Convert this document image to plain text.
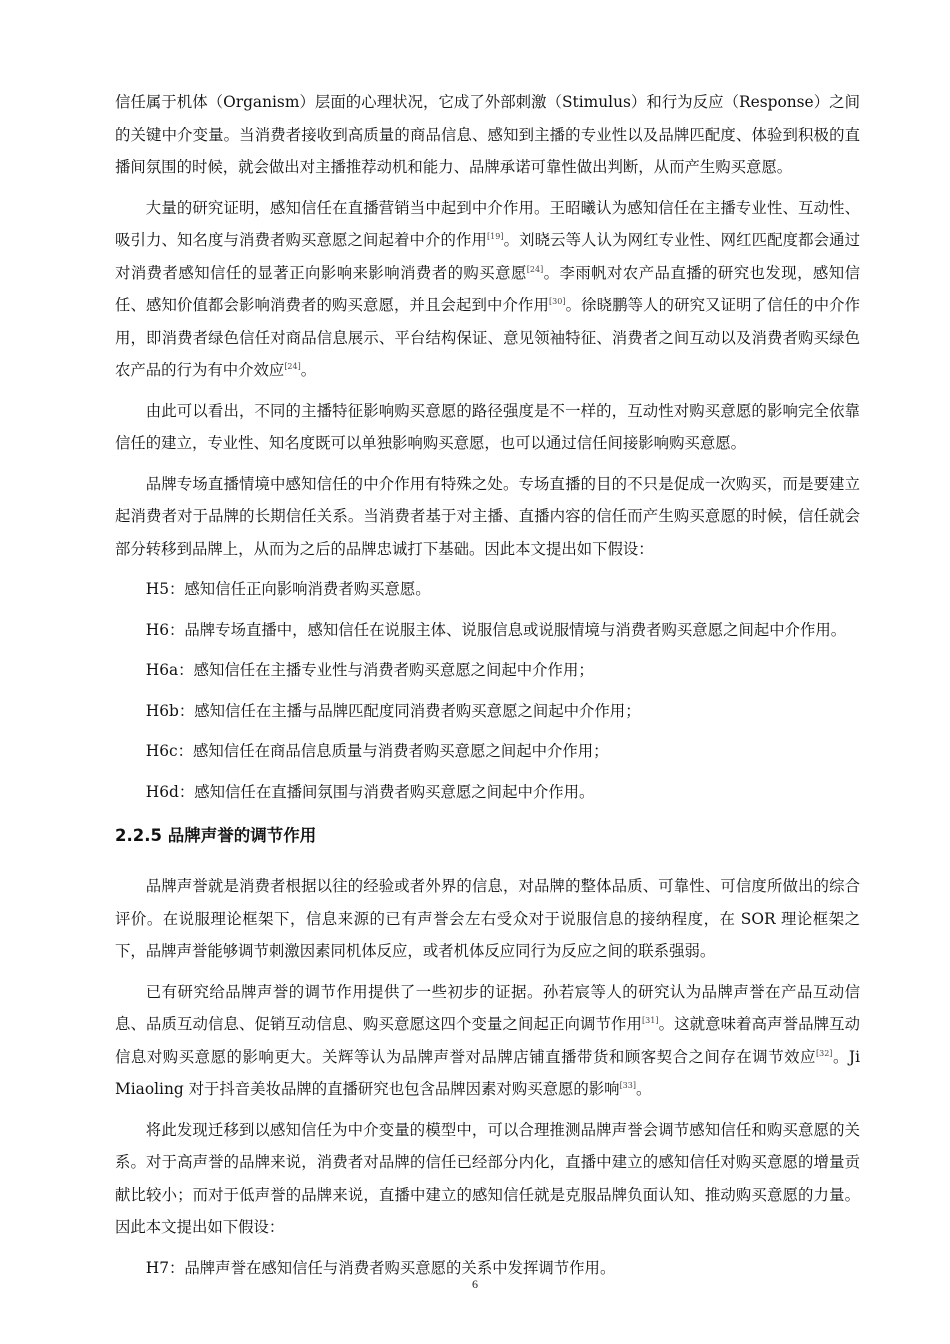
信任属于机体（Organism）层面的心理状况，它成了外部刺激（Stimulus）和行为反应（Response）之间的关键中介变量。当消费者接收到高质量的商品信息、感知到主播的专业性以及品牌匹配度、体验到积极的直播间氛围的时候，就会做出对主播推荐动机和能力、品牌承诺可靠性做出判断，从而产生购买意愿。

大量的研究证明，感知信任在直播营销当中起到中介作用。王昭曦认为感知信任在主播专业性、互动性、吸引力、知名度与消费者购买意愿之间起着中介的作用[19]。刘晓云等人认为网红专业性、网红匹配度都会通过对消费者感知信任的显著正向影响来影响消费者的购买意愿[24]。李雨帆对农产品直播的研究也发现，感知信任、感知价值都会影响消费者的购买意愿，并且会起到中介作用[30]。徐晓鹏等人的研究又证明了信任的中介作用，即消费者绿色信任对商品信息展示、平台结构保证、意见领袖特征、消费者之间互动以及消费者购买绿色农产品的行为有中介效应[24]。

由此可以看出，不同的主播特征影响购买意愿的路径强度是不一样的，互动性对购买意愿的影响完全依靠信任的建立，专业性、知名度既可以单独影响购买意愿，也可以通过信任间接影响购买意愿。

品牌专场直播情境中感知信任的中介作用有特殊之处。专场直播的目的不只是促成一次购买，而是要建立起消费者对于品牌的长期信任关系。当消费者基于对主播、直播内容的信任而产生购买意愿的时候，信任就会部分转移到品牌上，从而为之后的品牌忠诚打下基础。因此本文提出如下假设：

H5：感知信任正向影响消费者购买意愿。

H6：品牌专场直播中，感知信任在说服主体、说服信息或说服情境与消费者购买意愿之间起中介作用。

H6a：感知信任在主播专业性与消费者购买意愿之间起中介作用；

H6b：感知信任在主播与品牌匹配度同消费者购买意愿之间起中介作用；

H6c：感知信任在商品信息质量与消费者购买意愿之间起中介作用；

H6d：感知信任在直播间氛围与消费者购买意愿之间起中介作用。

2.2.5 品牌声誉的调节作用

品牌声誉就是消费者根据以往的经验或者外界的信息，对品牌的整体品质、可靠性、可信度所做出的综合评价。在说服理论框架下，信息来源的已有声誉会左右受众对于说服信息的接纳程度，在 SOR 理论框架之下，品牌声誉能够调节刺激因素同机体反应，或者机体反应同行为反应之间的联系强弱。

已有研究给品牌声誉的调节作用提供了一些初步的证据。孙若宸等人的研究认为品牌声誉在产品互动信息、品质互动信息、促销互动信息、购买意愿这四个变量之间起正向调节作用[31]。这就意味着高声誉品牌互动信息对购买意愿的影响更大。关辉等认为品牌声誉对品牌店铺直播带货和顾客契合之间存在调节效应[32]。Ji Miaoling 对于抖音美妆品牌的直播研究也包含品牌因素对购买意愿的影响[33]。

将此发现迁移到以感知信任为中介变量的模型中，可以合理推测品牌声誉会调节感知信任和购买意愿的关系。对于高声誉的品牌来说，消费者对品牌的信任已经部分内化，直播中建立的感知信任对购买意愿的增量贡献比较小；而对于低声誉的品牌来说，直播中建立的感知信任就是克服品牌负面认知、推动购买意愿的力量。因此本文提出如下假设：

H7：品牌声誉在感知信任与消费者购买意愿的关系中发挥调节作用。

6
